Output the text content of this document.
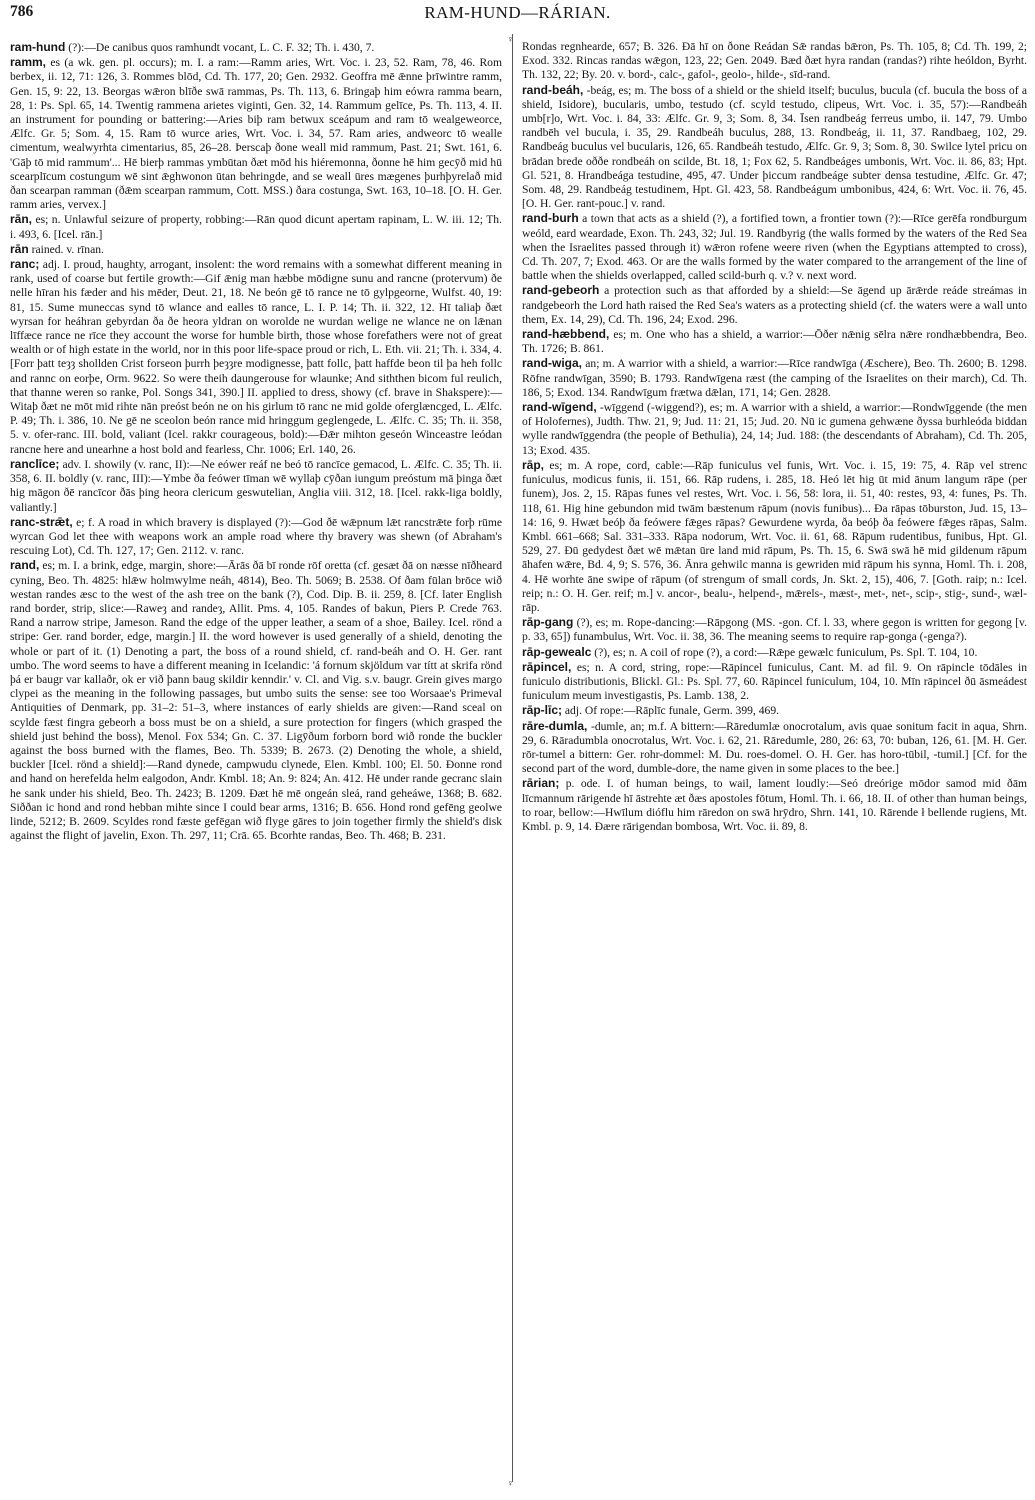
786	RAM-HUND—RÁRIAN.
♀
♀
ram-hund (?):—De canibus quos ramhundt vocant, L. C. F. 32; Th. i. 430, 7.
ramm, es (a wk. gen. pl. occurs); m. I. a ram:—Ramm aries, Wrt. Voc. i. 23, 52. Ram, 78, 46. Rom berbex, ii. 12, 71: 126, 3. Rommes blōd, Cd. Th. 177, 20; Gen. 2932. Geoffra mē ǣnne þrīwintre ramm, Gen. 15, 9: 22, 13. Beorgas wǣron blīðe swā rammas, Ps. Th. 113, 6. Bringaþ him eówra ramma bearn, 28, 1: Ps. Spl. 65, 14. Twentig rammena arietes viginti, Gen. 32, 14. Rammum gelīce, Ps. Th. 113, 4. II. an instrument for pounding or battering:—Aries biþ ram betwux sceápum and ram tō wealgeweorce, Ælfc. Gr. 5; Som. 4, 15. Ram tō wurce aries, Wrt. Voc. i. 34, 57. Ram aries, andweorc tō wealle cimentum, wealwyrhta cimentarius, 85, 26–28. Þerscaþ ðone weall mid rammum, Past. 21; Swt. 161, 6. 'Gāþ tō mid rammum'... Hē bierþ rammas ymbūtan ðæt mōd his hiéremonna, ðonne hē him gecȳð mid hū scearplīcum costungum wē sint ǣghwonon ūtan behringde, and se weall ūres mægenes þurhþyrelað mid ðan scearpan ramman (ðǣm scearpan rammum, Cott. MSS.) ðara costunga, Swt. 163, 10–18. [O. H. Ger. ramm aries, vervex.]
rān, es; n. Unlawful seizure of property, robbing:—Rān quod dicunt apertam rapinam, L. W. iii. 12; Th. i. 493, 6. [Icel. rān.]
rān rained. v. rīnan.
ranc; adj. I. proud, haughty, arrogant, insolent: the word remains with a somewhat different meaning in rank, used of coarse but fertile growth:—Gif ǣnig man hæbbe mōdigne sunu and rancne (protervum) ðe nelle hīran his fæder and his mēder, Deut. 21, 18. Ne beón gē tō rance ne tō gylpgeorne, Wulfst. 40, 19: 81, 15. Sume muneccas synd tō wlance and ealles tō rance, L. I. P. 14; Th. ii. 322, 12. Hī taliaþ ðæt wyrsan for heáhran gebyrdan ða ðe heora yldran on worolde ne wurdan welige ne wlance ne on lǣnan līffæce rance ne rīce they account the worse for humble birth, those whose forefathers were not of great wealth or of high estate in the world, nor in this poor life-space proud or rich, L. Eth. vii. 21; Th. i. 334, 4. [Forr þatt teȝȝ shollden Crist forseon þurrh þeȝȝre modignesse, þatt follc, þatt haffde beon til þa heh follc and rannc on eorþe, Orm. 9622. So were theih daungerouse for wlaunke; And siththen bicom ful reulich, that thanne weren so ranke, Pol. Songs 341, 390.] II. applied to dress, showy (cf. brave in Shakspere):—Witaþ ðæt ne mōt mid rihte nān preóst beón ne on his girlum tō ranc ne mid golde oferglæncged, L. Ælfc. P. 49; Th. i. 386, 10. Ne gē ne sceolon beón rance mid hringgum geglengede, L. Ælfc. C. 35; Th. ii. 358, 5. v. ofer-ranc. III. bold, valiant (Icel. rakkr courageous, bold):—Ðǣr mihton geseón Winceastre leódan rancne here and unearhne a host bold and fearless, Chr. 1006; Erl. 140, 26.
ranclīce; adv. I. showily (v. ranc, II):—Ne eówer reáf ne beó tō rancīce gemacod, L. Ælfc. C. 35; Th. ii. 358, 6. II. boldly (v. ranc, III):—Ymbe ða feówer tīman wē wyllaþ cȳðan iungum preóstum mā þinga ðæt hig māgon ðē rancīcor ðās þing heora clericum geswutelian, Anglia viii. 312, 18. [Icel. rakk-liga boldly, valiantly.]
ranc-strǣt, e; f. A road in which bravery is displayed (?):—God ðē wǣpnum lǣt rancstrǣte forþ rūme wyrcan God let thee with weapons work an ample road where thy bravery was shewn (of Abraham's rescuing Lot), Cd. Th. 127, 17; Gen. 2112. v. ranc.
rand, es; m. I. a brink, edge, margin, shore:—Ārās ðā bī ronde rōf oretta (cf. gesæt ðā on næsse nīðheard cyning, Beo. Th. 4825: hlǣw holmwylme neáh, 4814), Beo. Th. 5069; B. 2538. Of ðam fūlan brōce wið westan randes æsc to the west of the ash tree on the bank (?), Cod. Dip. B. ii. 259, 8. [Cf. later English rand border, strip, slice:—Raweȝ and randeȝ, Allit. Pms. 4, 105. Randes of bakun, Piers P. Crede 763. Rand a narrow stripe, Jameson. Rand the edge of the upper leather, a seam of a shoe, Bailey. Icel. rönd a stripe: Ger. rand border, edge, margin.] II. the word however is used generally of a shield, denoting the whole or part of it. (1) Denoting a part, the boss of a round shield, cf. rand-beáh and O. H. Ger. rant umbo. The word seems to have a different meaning in Icelandic: 'á fornum skjöldum var títt at skrifa rönd þá er baugr var kallaðr, ok er við þann baug skildir kenndir.' v. Cl. and Vig. s.v. baugr. Grein gives margo clypei as the meaning in the following passages, but umbo suits the sense: see too Worsaae's Primeval Antiquities of Denmark, pp. 31–2: 51–3, where instances of early shields are given:—Rand sceal on scylde fæst fingra gebeorh a boss must be on a shield, a sure protection for fingers (which grasped the shield just behind the boss), Menol. Fox 534; Gn. C. 37. Ligȳðum forborn bord wið ronde the buckler against the boss burned with the flames, Beo. Th. 5339; B. 2673. (2) Denoting the whole, a shield, buckler [Icel. rönd a shield]:—Rand dynede, campwudu clynede, Elen. Kmbl. 100; El. 50. Ðonne rond and hand on herefelda helm ealgodon, Andr. Kmbl. 18; An. 9: 824; An. 412. Hē under rande gecranc slain he sank under his shield, Beo. Th. 2423; B. 1209. Ðæt hē mē ongeán sleá, rand geheáwe, 1368; B. 682. Siððan ic hond and rond hebban mihte since I could bear arms, 1316; B. 656. Hond rond gefēng geolwe linde, 5212; B. 2609. Scyldes rond fæste gefēgan wið flyge gāres to join together firmly the shield's disk against the flight of javelin, Exon. Th. 297, 11; Crā. 65. Bcorhte randas, Beo. Th. 468; B. 231.
Rondas regnhearde, 657; B. 326. Ðā hī on ðone Reádan Sǣ randas bǣron, Ps. Th. 105, 8; Cd. Th. 199, 2; Exod. 332. Rincas randas wǣgon, 123, 22; Gen. 2049. Bæd ðæt hyra randan (randas?) rihte heóldon, Byrht. Th. 132, 22; By. 20. v. bord-, calc-, gafol-, geolo-, hilde-, sīd-rand.
rand-beáh, -beág, es; m. The boss of a shield or the shield itself; buculus, bucula (cf. bucula the boss of a shield, Isidore), bucularis, umbo, testudo (cf. scyld testudo, clipeus, Wrt. Voc. i. 35, 57):—Randbeáh umb[r]o, Wrt. Voc. i. 84, 33: Ælfc. Gr. 9, 3; Som. 8, 34. Īsen randbeág ferreus umbo, ii. 147, 79. Umbo randbēh vel bucula, i. 35, 29. Randbeáh buculus, 288, 13. Rondbeág, ii. 11, 37. Randbaeg, 102, 29. Randbeág buculus vel bucularis, 126, 65. Randbeáh testudo, Ælfc. Gr. 9, 3; Som. 8, 30. Swilce lytel pricu on brādan brede oððe rondbeáh on scilde, Bt. 18, 1; Fox 62, 5. Randbeáges umbonis, Wrt. Voc. ii. 86, 83; Hpt. Gl. 521, 8. Hrandbeága testudine, 495, 47. Under þiccum randbeáge subter densa testudine, Ælfc. Gr. 47; Som. 48, 29. Randbeág testudinem, Hpt. Gl. 423, 58. Randbeágum umbonibus, 424, 6: Wrt. Voc. ii. 76, 45. [O. H. Ger. rant-pouc.] v. rand.
rand-burh a town that acts as a shield (?), a fortified town, a frontier town (?):—Rīce gerēfa rondburgum weóld, eard weardade, Exon. Th. 243, 32; Jul. 19. Randbyrig (the walls formed by the waters of the Red Sea when the Israelites passed through it) wǣron rofene weere riven (when the Egyptians attempted to cross), Cd. Th. 207, 7; Exod. 463. Or are the walls formed by the water compared to the arrangement of the line of battle when the shields overlapped, called scild-burh q. v.? v. next word.
rand-gebeorh a protection such as that afforded by a shield:—Se āgend up ārǣrde reáde streámas in randgebeorh the Lord hath raised the Red Sea's waters as a protecting shield (cf. the waters were a wall unto them, Ex. 14, 29), Cd. Th. 196, 24; Exod. 296.
rand-hæbbend, es; m. One who has a shield, a warrior:—Ōðer nǣnig sēlra nǣre rondhæbbendra, Beo. Th. 1726; B. 861.
rand-wiga, an; m. A warrior with a shield, a warrior:—Rīce randwīga (Æschere), Beo. Th. 2600; B. 1298. Rōfne randwīgan, 3590; B. 1793. Randwīgena ræst (the camping of the Israelites on their march), Cd. Th. 186, 5; Exod. 134. Randwīgum frætwa dǣlan, 171, 14; Gen. 2828.
rand-wīgend, -wīggend (-wiggend?), es; m. A warrior with a shield, a warrior:—Rondwīggende (the men of Holofernes), Judth. Thw. 21, 9; Jud. 11: 21, 15; Jud. 20. Nū ic gumena gehwæne ðyssa burhleóda biddan wylle randwīggendra (the people of Bethulia), 24, 14; Jud. 188: (the descendants of Abraham), Cd. Th. 205, 13; Exod. 435.
rāp, es; m. A rope, cord, cable:—Rāp funiculus vel funis, Wrt. Voc. i. 15, 19: 75, 4. Rāp vel strenc funiculus, modicus funis, ii. 151, 66. Rāp rudens, i. 285, 18. Heó lēt hig ūt mid ānum langum rāpe (per funem), Jos. 2, 15. Rāpas funes vel restes, Wrt. Voc. i. 56, 58: lora, ii. 51, 40: restes, 93, 4: funes, Ps. Th. 118, 61. Hig hine gebundon mid twām bæstenum rāpum (novis funibus)... Ða rāpas tōburston, Jud. 15, 13–14: 16, 9. Hwæt beóþ ða feówere fǣges rāpas? Gewurdene wyrda, ða beóþ ða feówere fǣges rāpas, Salm. Kmbl. 661–668; Sal. 331–333. Rāpa nodorum, Wrt. Voc. ii. 61, 68. Rāpum rudentibus, funibus, Hpt. Gl. 529, 27. Ðū gedydest ðæt wē mǣtan ūre land mid rāpum, Ps. Th. 15, 6. Swā swā hē mid gildenum rāpum āhafen wǣre, Bd. 4, 9; S. 576, 36. Ānra gehwilc manna is gewriden mid rāpum his synna, Homl. Th. i. 208, 4. Hē worhte āne swipe of rāpum (of strengum of small cords, Jn. Skt. 2, 15), 406, 7. [Goth. raip; n.: Icel. reip; n.: O. H. Ger. reif; m.] v. ancor-, bealu-, helpend-, mǣrels-, mæst-, met-, net-, scip-, stig-, sund-, wæl-rāp.
rāp-gang (?), es; m. Rope-dancing:—Rāpgong (MS. -gon. Cf. l. 33, where gegon is written for gegong [v. p. 33, 65]) funambulus, Wrt. Voc. ii. 38, 36. The meaning seems to require rap-gonga (-genga?).
rāp-gewealc (?), es; n. A coil of rope (?), a cord:—Rǣpe gewælc funiculum, Ps. Spl. T. 104, 10.
rāpincel, es; n. A cord, string, rope:—Rāpincel funiculus, Cant. M. ad fil. 9. On rāpincle tōdāles in funiculo distributionis, Blickl. Gl.: Ps. Spl. 77, 60. Rāpincel funiculum, 104, 10. Mīn rāpincel ðū āsmeádest funiculum meum investigastis, Ps. Lamb. 138, 2.
rāp-līc; adj. Of rope:—Rāplīc funale, Germ. 399, 469.
rāre-dumla, -dumle, an; m.f. A bittern:—Rāredumlæ onocrotalum, avis quae sonitum facit in aqua, Shrn. 29, 6. Rāradumbla onocrotalus, Wrt. Voc. i. 62, 21. Rāredumle, 280, 26: 63, 70: buban, 126, 61. [M. H. Ger. rōr-tumel a bittern: Ger. rohr-dommel: M. Du. roes-domel. O. H. Ger. has horo-tūbil, -tumil.] [Cf. for the second part of the word, dumble-dore, the name given in some places to the bee.]
rārian; p. ode. I. of human beings, to wail, lament loudly:—Seó dreórige mōdor samod mid ðām līcmannum rārigende hī āstrehte æt ðæs apostoles fōtum, Homl. Th. i. 66, 18. II. of other than human beings, to roar, bellow:—Hwīlum dióflu him rāredon on swā hrȳdro, Shrn. 141, 10. Rārende ł bellende rugiens, Mt. Kmbl. p. 9, 14. Ðære rārigendan bombosa, Wrt. Voc. ii. 89, 8.
